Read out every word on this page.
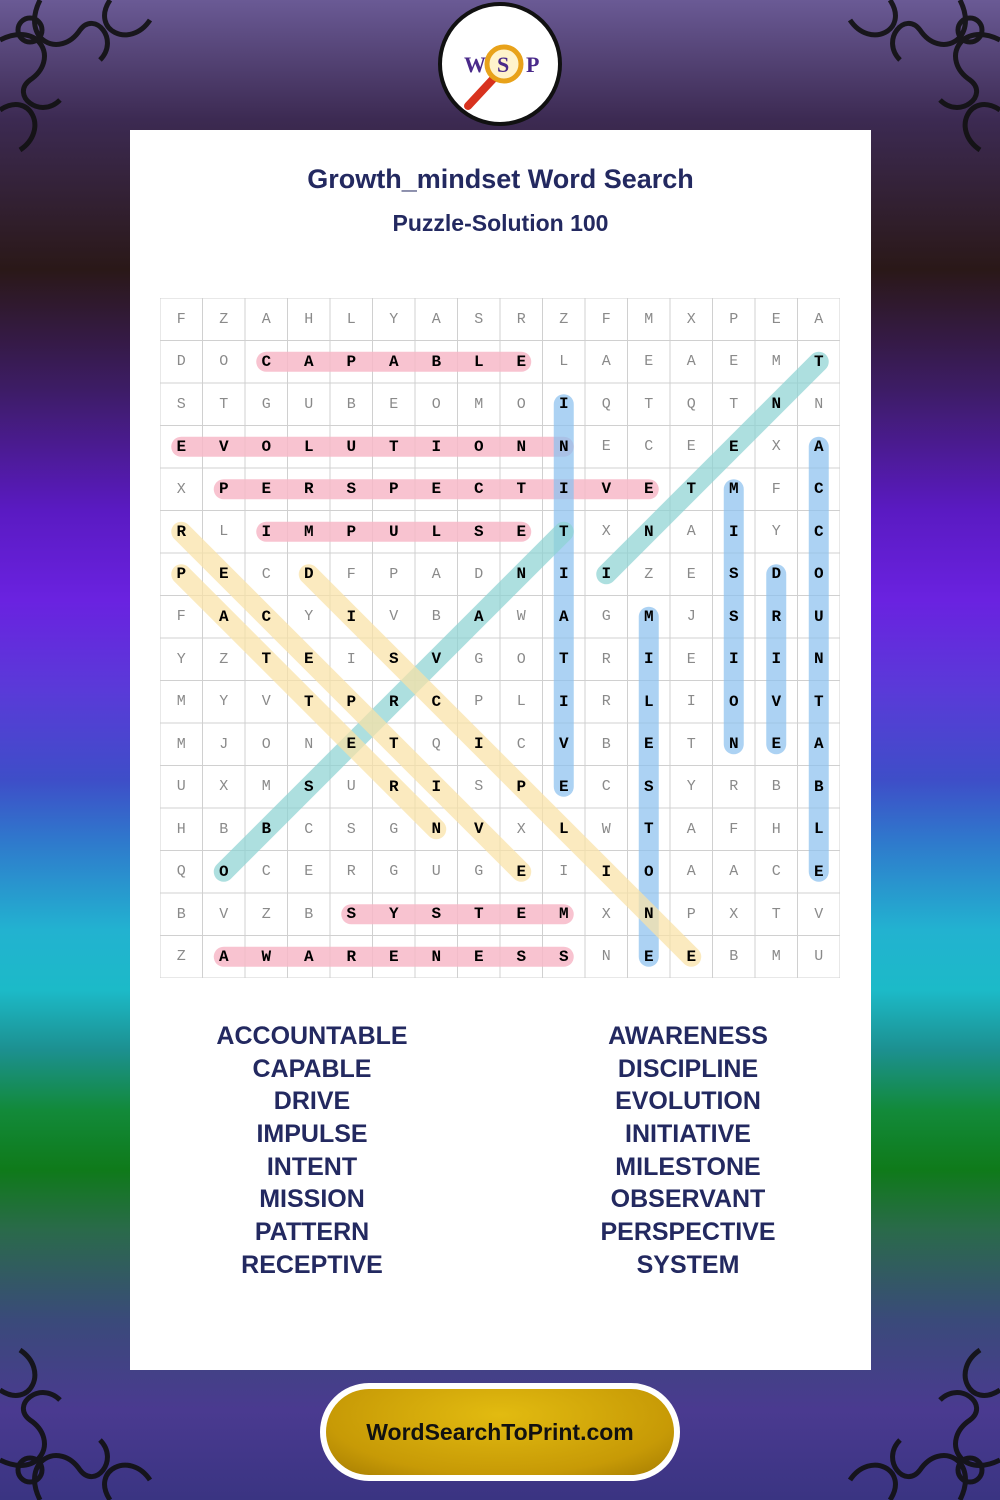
W S P
Growth_mindset Word Search
Puzzle-Solution 100
F	Z	A	H	L	Y	A	S	R	Z	F	M	X	P	E	A
D	O	C	A	P	A	B	L	E	L	A	E	A	E	M	T
S	T	G	U	B	E	O	M	O	I	Q	T	Q	T	N	N
E	V	O	L	U	T	I	O	N	N	E	C	E	E	X	A
X	P	E	R	S	P	E	C	T	I	V	E	T	M	F	C
R	L	I	M	P	U	L	S	E	T	X	N	A	I	Y	C
P	E	C	D	F	P	A	D	N	I	I	Z	E	S	D	O
F	A	C	Y	I	V	B	A	W	A	G	M	J	S	R	U
Y	Z	T	E	I	S	V	G	O	T	R	I	E	I	I	N
M	Y	V	T	P	R	C	P	L	I	R	L	I	O	V	T
M	J	O	N	E	T	Q	I	C	V	B	E	T	N	E	A
U	X	M	S	U	R	I	S	P	E	C	S	Y	R	B	B
H	B	B	C	S	G	N	V	X	L	W	T	A	F	H	L
Q	O	C	E	R	G	U	G	E	I	I	O	A	A	C	E
B	V	Z	B	S	Y	S	T	E	M	X	N	P	X	T	V
Z	A	W	A	R	E	N	E	S	S	N	E	E	B	M	U
ACCOUNTABLE
CAPABLE
DRIVE
IMPULSE
INTENT
MISSION
PATTERN
RECEPTIVE
AWARENESS
DISCIPLINE
EVOLUTION
INITIATIVE
MILESTONE
OBSERVANT
PERSPECTIVE
SYSTEM
WordSearchToPrint.com
